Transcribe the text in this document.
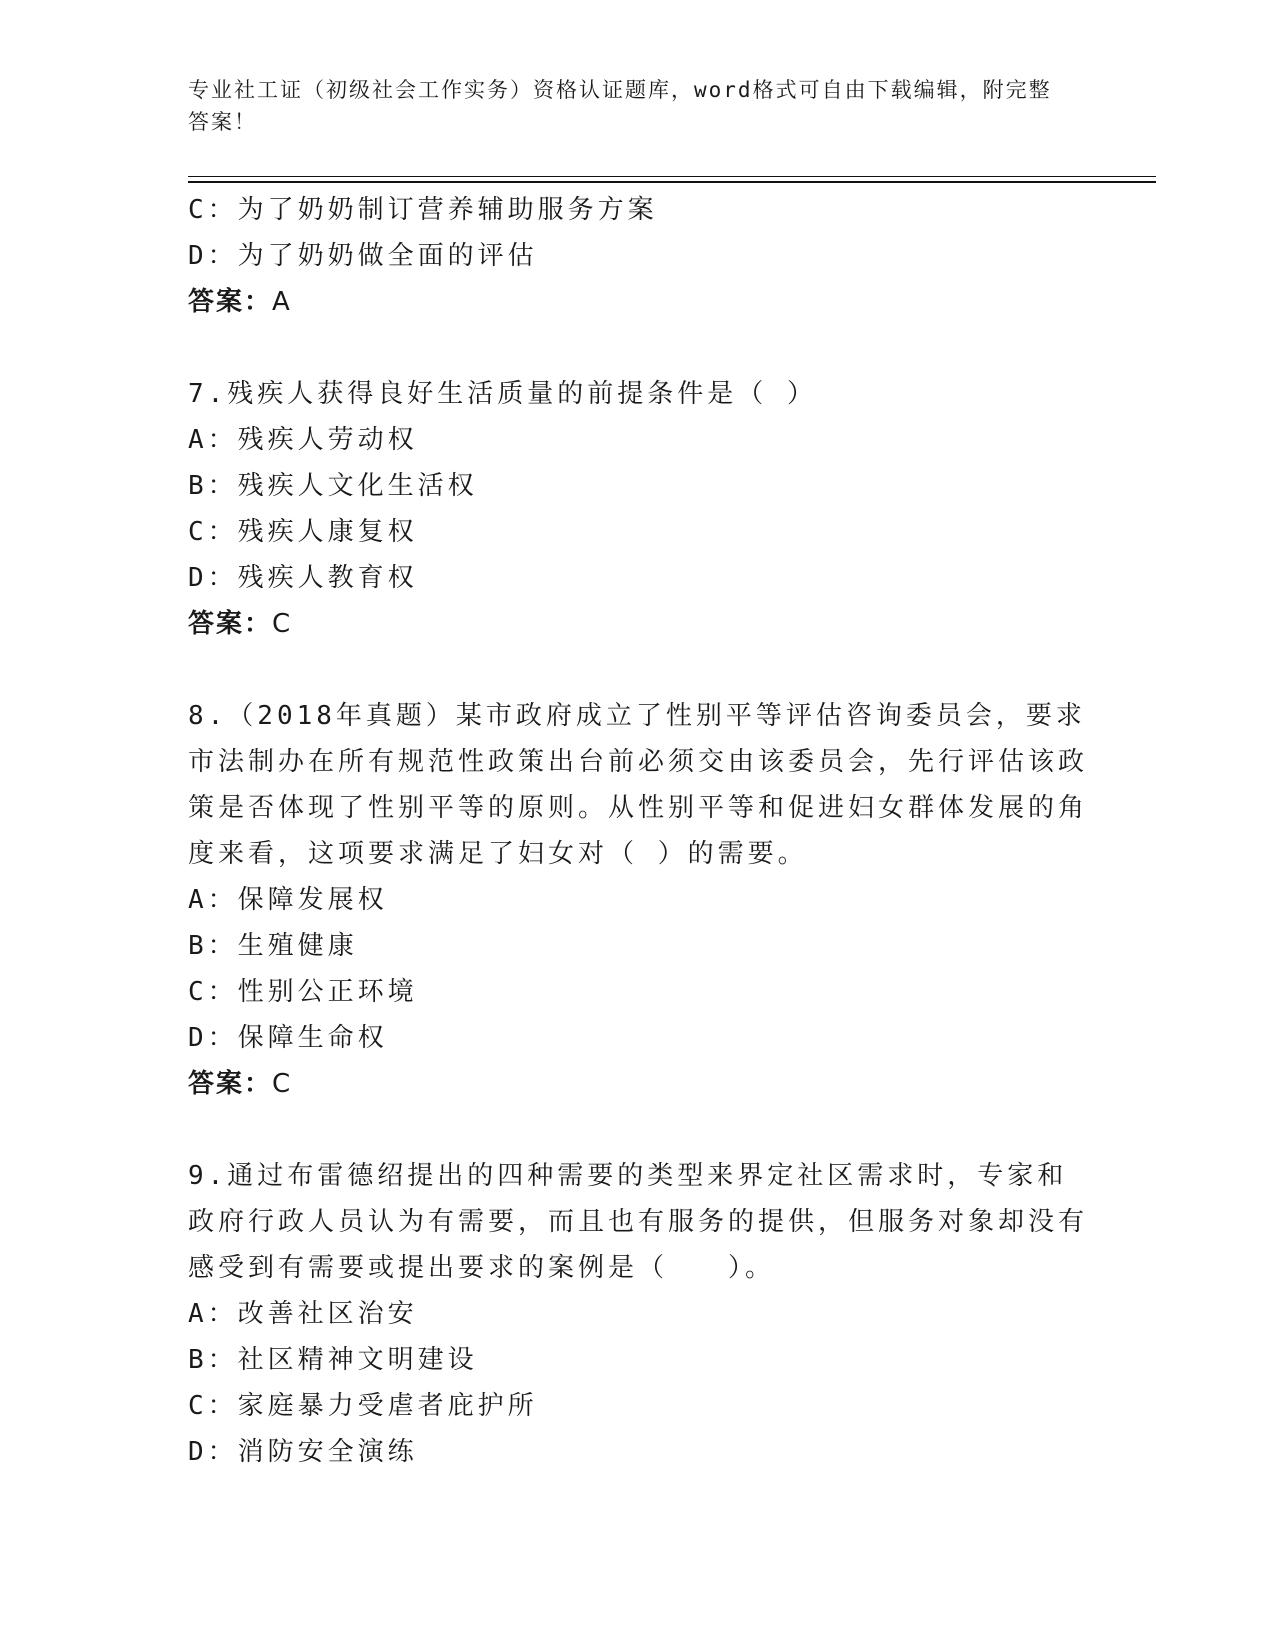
专业社工证（初级社会工作实务）资格认证题库，word格式可自由下载编辑，附完整答案！
C：为了奶奶制订营养辅助服务方案
D：为了奶奶做全面的评估
答案：A
7.残疾人获得良好生活质量的前提条件是（ ）
A：残疾人劳动权
B：残疾人文化生活权
C：残疾人康复权
D：残疾人教育权
答案：C
8.（2018年真题）某市政府成立了性别平等评估咨询委员会，要求市法制办在所有规范性政策出台前必须交由该委员会，先行评估该政策是否体现了性别平等的原则。从性别平等和促进妇女群体发展的角度来看，这项要求满足了妇女对（ ）的需要。
A：保障发展权
B：生殖健康
C：性别公正环境
D：保障生命权
答案：C
9.通过布雷德绍提出的四种需要的类型来界定社区需求时，专家和政府行政人员认为有需要，而且也有服务的提供，但服务对象却没有感受到有需要或提出要求的案例是（　　）。
A：改善社区治安
B：社区精神文明建设
C：家庭暴力受虐者庇护所
D：消防安全演练
